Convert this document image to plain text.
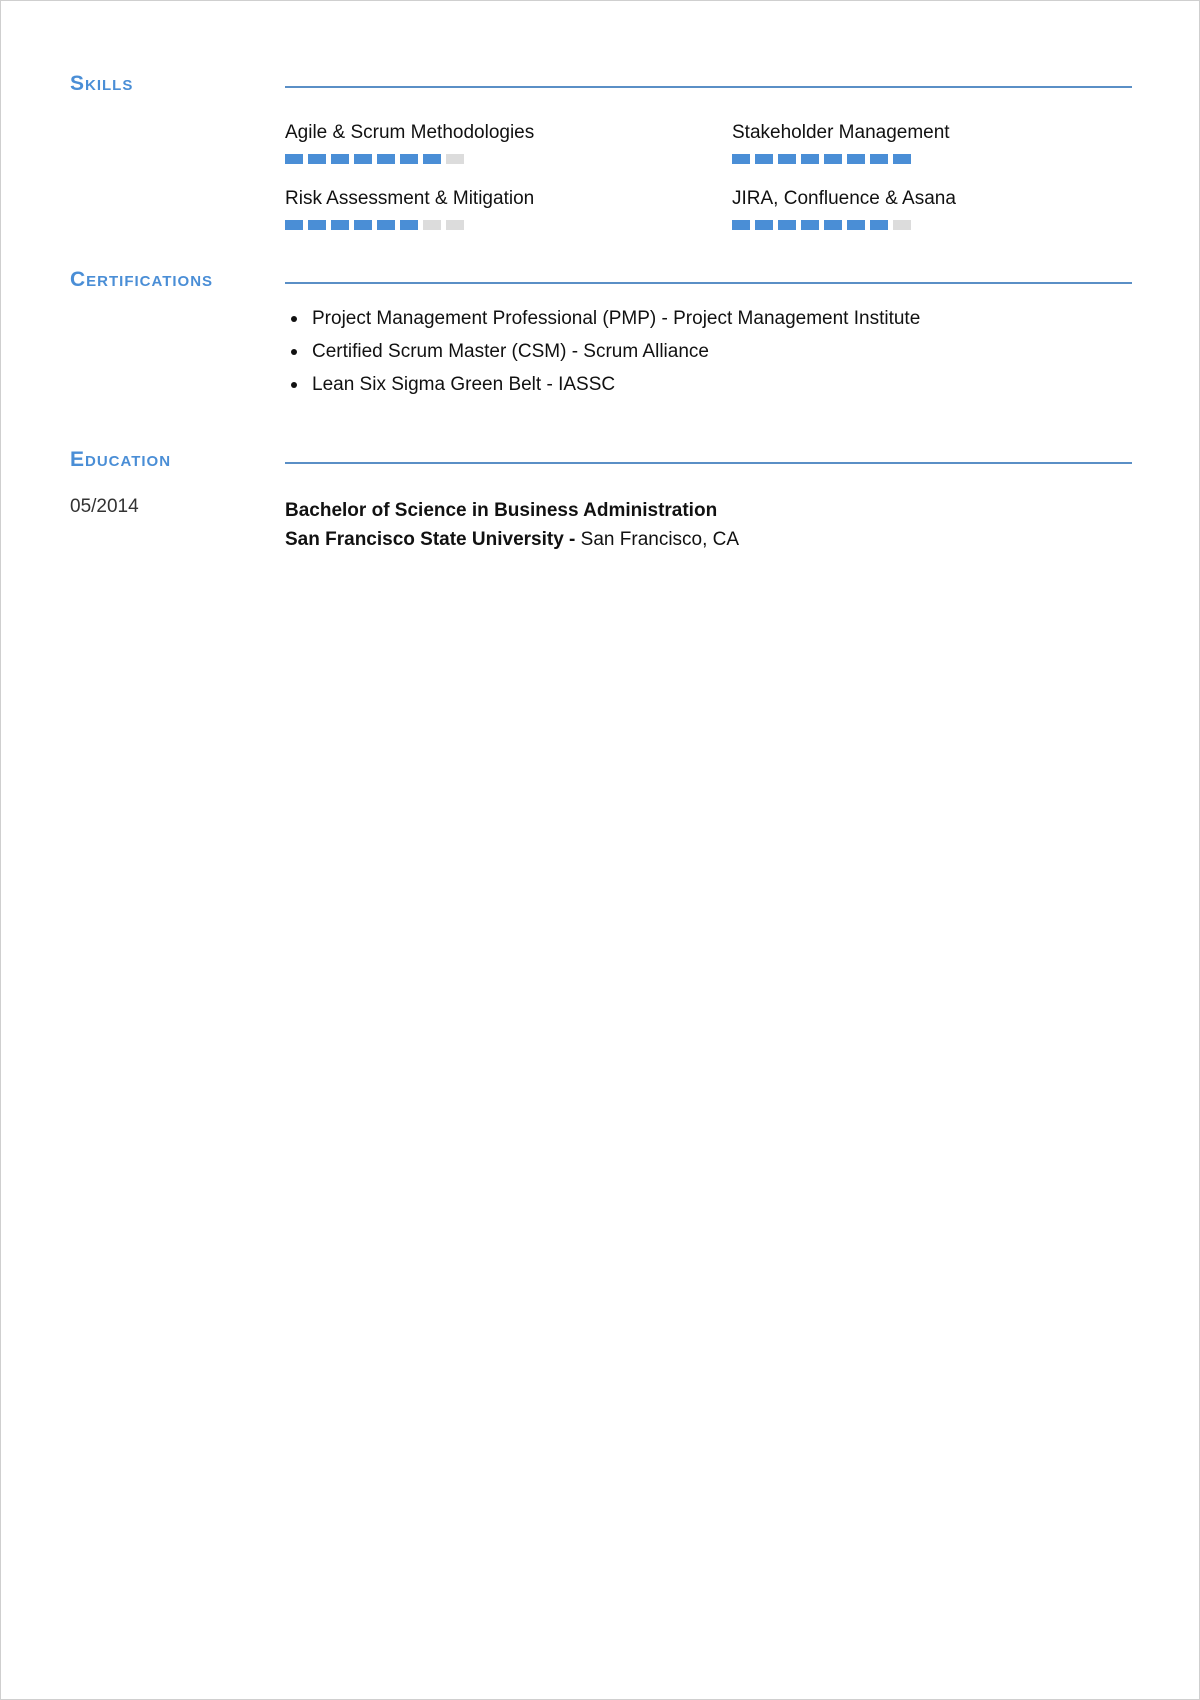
Skills
Agile & Scrum Methodologies	Stakeholder Management
Risk Assessment & Mitigation	JIRA, Confluence & Asana
Certifications
Project Management Professional (PMP) - Project Management Institute
Certified Scrum Master (CSM) - Scrum Alliance
Lean Six Sigma Green Belt - IASSC
Education
05/2014	Bachelor of Science in Business Administration
San Francisco State University - San Francisco, CA
